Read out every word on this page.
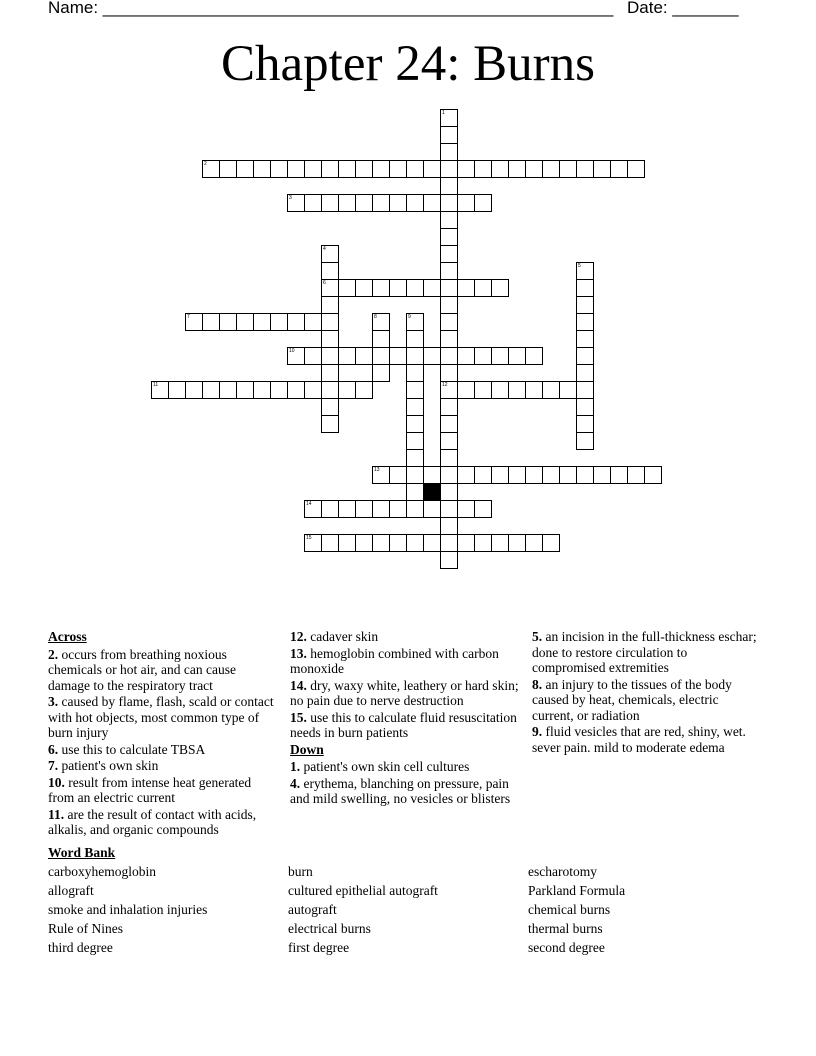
Name: ______________________________________________________ Date: _______
Chapter 24: Burns
1
12
2
3
4
6
5
7	8	9
10
11
13
14
15
Across
2. occurs from breathing noxious chemicals or hot air, and can cause damage to the respiratory tract
3. caused by flame, flash, scald or contact with hot objects, most common type of burn injury
6. use this to calculate TBSA
7. patient's own skin
10. result from intense heat generated from an electric current
11. are the result of contact with acids, alkalis, and organic compounds
12. cadaver skin
13. hemoglobin combined with carbon monoxide
14. dry, waxy white, leathery or hard skin; no pain due to nerve destruction
15. use this to calculate fluid resuscitation needs in burn patients
Down
1. patient's own skin cell cultures
4. erythema, blanching on pressure, pain and mild swelling, no vesicles or blisters
5. an incision in the full-thickness eschar; done to restore circulation to compromised extremities
8. an injury to the tissues of the body caused by heat, chemicals, electric current, or radiation
9. fluid vesicles that are red, shiny, wet. sever pain. mild to moderate edema
Word Bank
carboxyhemoglobin	burn	escharotomy
allograft	cultured epithelial autograft	Parkland Formula
smoke and inhalation injuries	autograft	chemical burns
Rule of Nines	electrical burns	thermal burns
third degree	first degree	second degree
